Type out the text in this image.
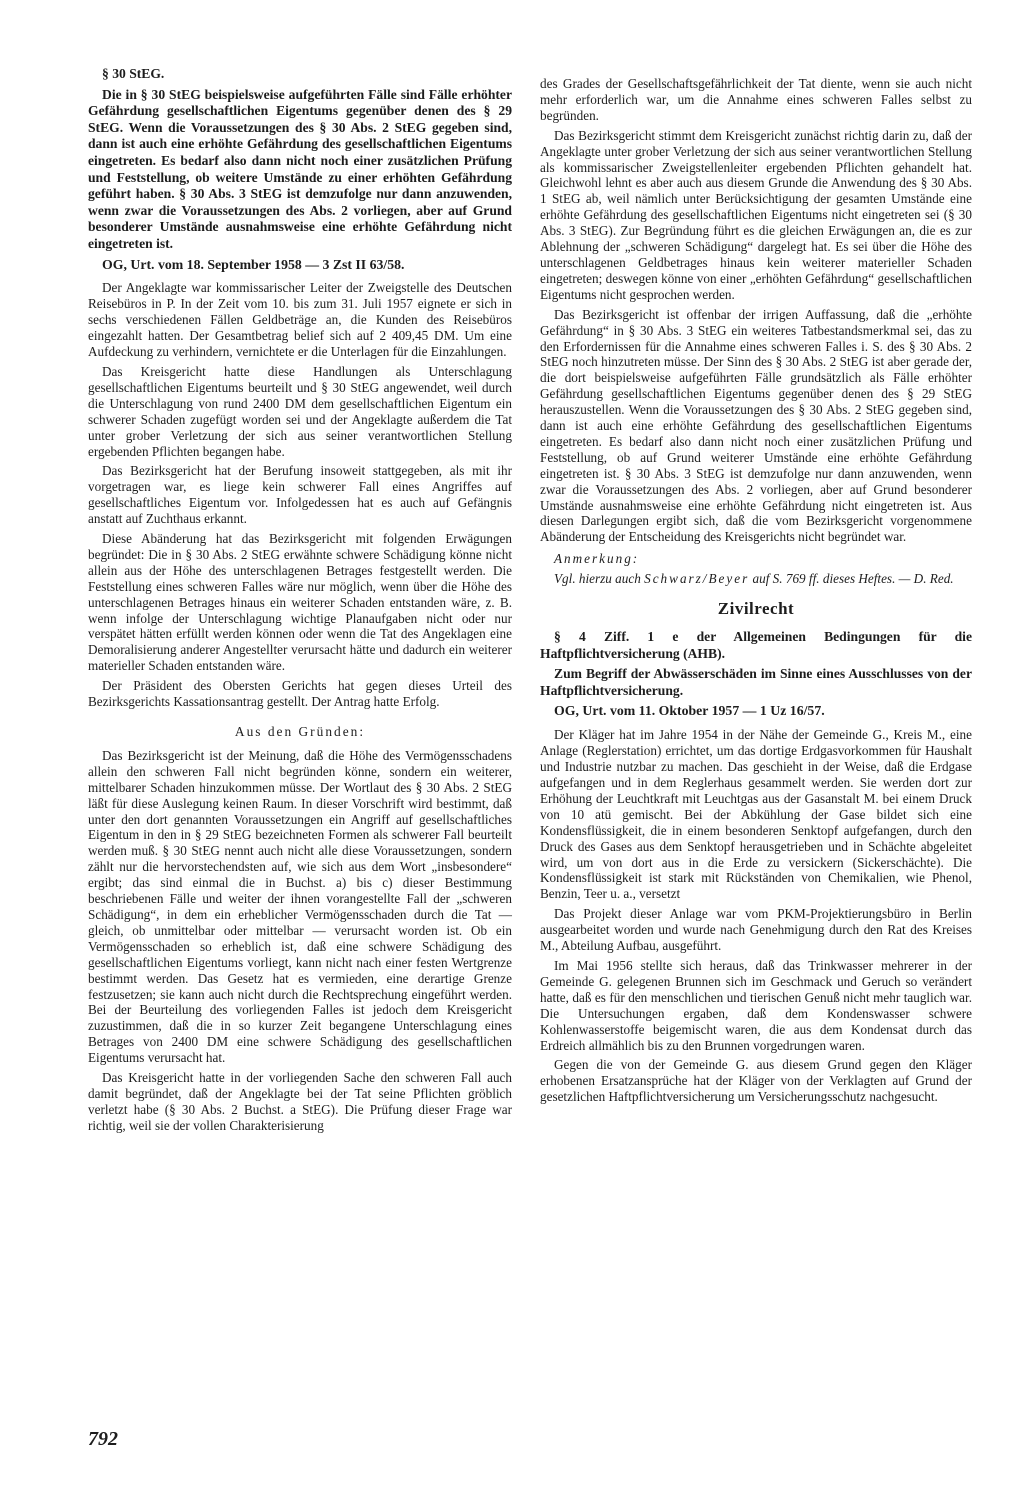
§ 30 StEG.

Die in § 30 StEG beispielsweise aufgeführten Fälle sind Fälle erhöhter Gefährdung gesellschaftlichen Eigentums gegenüber denen des § 29 StEG. Wenn die Voraussetzungen des § 30 Abs. 2 StEG gegeben sind, dann ist auch eine erhöhte Gefährdung des gesellschaftlichen Eigentums eingetreten. Es bedarf also dann nicht noch einer zusätzlichen Prüfung und Feststellung, ob weitere Umstände zu einer erhöhten Gefährdung geführt haben. § 30 Abs. 3 StEG ist demzufolge nur dann anzuwenden, wenn zwar die Voraussetzungen des Abs. 2 vorliegen, aber auf Grund besonderer Umstände ausnahmsweise eine erhöhte Gefährdung nicht eingetreten ist.

OG, Urt. vom 18. September 1958 — 3 Zst II 63/58.

Der Angeklagte war kommissarischer Leiter der Zweigstelle des Deutschen Reisebüros in P. In der Zeit vom 10. bis zum 31. Juli 1957 eignete er sich in sechs verschiedenen Fällen Geldbeträge an, die Kunden des Reisebüros eingezahlt hatten. Der Gesamtbetrag belief sich auf 2 409,45 DM. Um eine Aufdeckung zu verhindern, vernichtete er die Unterlagen für die Einzahlungen.

Das Kreisgericht hatte diese Handlungen als Unterschlagung gesellschaftlichen Eigentums beurteilt und § 30 StEG angewendet, weil durch die Unterschlagung von rund 2400 DM dem gesellschaftlichen Eigentum ein schwerer Schaden zugefügt worden sei und der Angeklagte außerdem die Tat unter grober Verletzung der sich aus seiner verantwortlichen Stellung ergebenden Pflichten begangen habe.

Das Bezirksgericht hat der Berufung insoweit stattgegeben, als mit ihr vorgetragen war, es liege kein schwerer Fall eines Angriffes auf gesellschaftliches Eigentum vor. Infolgedessen hat es auch auf Gefängnis anstatt auf Zuchthaus erkannt.

Diese Abänderung hat das Bezirksgericht mit folgenden Erwägungen begründet: Die in § 30 Abs. 2 StEG erwähnte schwere Schädigung könne nicht allein aus der Höhe des unterschlagenen Betrages festgestellt werden. Die Feststellung eines schweren Falles wäre nur möglich, wenn über die Höhe des unterschlagenen Betrages hinaus ein weiterer Schaden entstanden wäre, z. B. wenn infolge der Unterschlagung wichtige Planaufgaben nicht oder nur verspätet hätten erfüllt werden können oder wenn die Tat des Angeklagen eine Demoralisierung anderer Angestellter verursacht hätte und dadurch ein weiterer materieller Schaden entstanden wäre.

Der Präsident des Obersten Gerichts hat gegen dieses Urteil des Bezirksgerichts Kassationsantrag gestellt. Der Antrag hatte Erfolg.

Aus den Gründen:

Das Bezirksgericht ist der Meinung, daß die Höhe des Vermögensschadens allein den schweren Fall nicht begründen könne, sondern ein weiterer, mittelbarer Schaden hinzukommen müsse. Der Wortlaut des § 30 Abs. 2 StEG läßt für diese Auslegung keinen Raum. In dieser Vorschrift wird bestimmt, daß unter den dort genannten Voraussetzungen ein Angriff auf gesellschaftliches Eigentum in den in § 29 StEG bezeichneten Formen als schwerer Fall beurteilt werden muß. § 30 StEG nennt auch nicht alle diese Voraussetzungen, sondern zählt nur die hervorstechendsten auf, wie sich aus dem Wort „insbesondere“ ergibt; das sind einmal die in Buchst. a) bis c) dieser Bestimmung beschriebenen Fälle und weiter der ihnen vorangestellte Fall der „schweren Schädigung“, in dem ein erheblicher Vermögensschaden durch die Tat — gleich, ob unmittelbar oder mittelbar — verursacht worden ist. Ob ein Vermögensschaden so erheblich ist, daß eine schwere Schädigung des gesellschaftlichen Eigentums vorliegt, kann nicht nach einer festen Wertgrenze bestimmt werden. Das Gesetz hat es vermieden, eine derartige Grenze festzusetzen; sie kann auch nicht durch die Rechtsprechung eingeführt werden. Bei der Beurteilung des vorliegenden Falles ist jedoch dem Kreisgericht zuzustimmen, daß die in so kurzer Zeit begangene Unterschlagung eines Betrages von 2400 DM eine schwere Schädigung des gesellschaftlichen Eigentums verursacht hat.

Das Kreisgericht hatte in der vorliegenden Sache den schweren Fall auch damit begründet, daß der Angeklagte bei der Tat seine Pflichten gröblich verletzt habe (§ 30 Abs. 2 Buchst. a StEG). Die Prüfung dieser Frage war richtig, weil sie der vollen Charakterisierung

des Grades der Gesellschaftsgefährlichkeit der Tat diente, wenn sie auch nicht mehr erforderlich war, um die Annahme eines schweren Falles selbst zu begründen.

Das Bezirksgericht stimmt dem Kreisgericht zunächst richtig darin zu, daß der Angeklagte unter grober Verletzung der sich aus seiner verantwortlichen Stellung als kommissarischer Zweigstellenleiter ergebenden Pflichten gehandelt hat. Gleichwohl lehnt es aber auch aus diesem Grunde die Anwendung des § 30 Abs. 1 StEG ab, weil nämlich unter Berücksichtigung der gesamten Umstände eine erhöhte Gefährdung des gesellschaftlichen Eigentums nicht eingetreten sei (§ 30 Abs. 3 StEG). Zur Begründung führt es die gleichen Erwägungen an, die es zur Ablehnung der „schweren Schädigung“ dargelegt hat. Es sei über die Höhe des unterschlagenen Geldbetrages hinaus kein weiterer materieller Schaden eingetreten; deswegen könne von einer „erhöhten Gefährdung“ gesellschaftlichen Eigentums nicht gesprochen werden.

Das Bezirksgericht ist offenbar der irrigen Auffassung, daß die „erhöhte Gefährdung“ in § 30 Abs. 3 StEG ein weiteres Tatbestandsmerkmal sei, das zu den Erfordernissen für die Annahme eines schweren Falles i. S. des § 30 Abs. 2 StEG noch hinzutreten müsse. Der Sinn des § 30 Abs. 2 StEG ist aber gerade der, die dort beispielsweise aufgeführten Fälle grundsätzlich als Fälle erhöhter Gefährdung gesellschaftlichen Eigentums gegenüber denen des § 29 StEG herauszustellen. Wenn die Voraussetzungen des § 30 Abs. 2 StEG gegeben sind, dann ist auch eine erhöhte Gefährdung des gesellschaftlichen Eigentums eingetreten. Es bedarf also dann nicht noch einer zusätzlichen Prüfung und Feststellung, ob auf Grund weiterer Umstände eine erhöhte Gefährdung eingetreten ist. § 30 Abs. 3 StEG ist demzufolge nur dann anzuwenden, wenn zwar die Voraussetzungen des Abs. 2 vorliegen, aber auf Grund besonderer Umstände ausnahmsweise eine erhöhte Gefährdung nicht eingetreten ist. Aus diesen Darlegungen ergibt sich, daß die vom Bezirksgericht vorgenommene Abänderung der Entscheidung des Kreisgerichts nicht begründet war.

Anmerkung:

Vgl. hierzu auch Schwarz/Beyer auf S. 769 ff. dieses Heftes. — D. Red.

Zivilrecht

§ 4 Ziff. 1 e der Allgemeinen Bedingungen für die Haftpflichtversicherung (AHB).

Zum Begriff der Abwässerschäden im Sinne eines Ausschlusses von der Haftpflichtversicherung.

OG, Urt. vom 11. Oktober 1957 — 1 Uz 16/57.

Der Kläger hat im Jahre 1954 in der Nähe der Gemeinde G., Kreis M., eine Anlage (Reglerstation) errichtet, um das dortige Erdgasvorkommen für Haushalt und Industrie nutzbar zu machen. Das geschieht in der Weise, daß die Erdgase aufgefangen und in dem Reglerhaus gesammelt werden. Sie werden dort zur Erhöhung der Leuchtkraft mit Leuchtgas aus der Gasanstalt M. bei einem Druck von 10 atü gemischt. Bei der Abkühlung der Gase bildet sich eine Kondensflüssigkeit, die in einem besonderen Senktopf aufgefangen, durch den Druck des Gases aus dem Senktopf herausgetrieben und in Schächte abgeleitet wird, um von dort aus in die Erde zu versickern (Sickerschächte). Die Kondensflüssigkeit ist stark mit Rückständen von Chemikalien, wie Phenol, Benzin, Teer u. a., versetzt

Das Projekt dieser Anlage war vom PKM-Projektierungsbüro in Berlin ausgearbeitet worden und wurde nach Genehmigung durch den Rat des Kreises M., Abteilung Aufbau, ausgeführt.

Im Mai 1956 stellte sich heraus, daß das Trinkwasser mehrerer in der Gemeinde G. gelegenen Brunnen sich im Geschmack und Geruch so verändert hatte, daß es für den menschlichen und tierischen Genuß nicht mehr tauglich war. Die Untersuchungen ergaben, daß dem Kondenswasser schwere Kohlenwasserstoffe beigemischt waren, die aus dem Kondensat durch das Erdreich allmählich bis zu den Brunnen vorgedrungen waren.

Gegen die von der Gemeinde G. aus diesem Grund gegen den Kläger erhobenen Ersatzansprüche hat der Kläger von der Verklagten auf Grund der gesetzlichen Haftpflichtversicherung um Versicherungsschutz nachgesucht.

792
